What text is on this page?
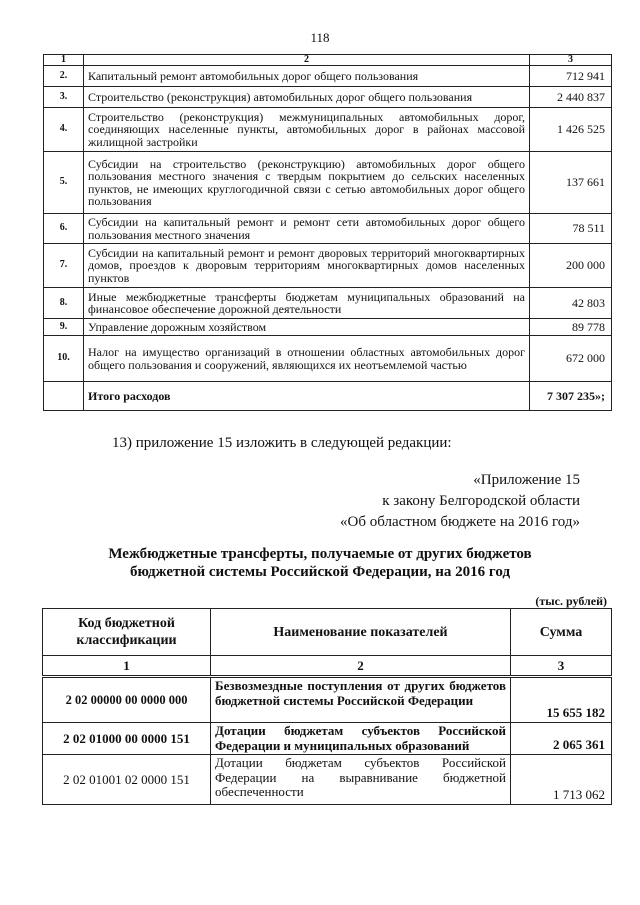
118
1	2	3
2.	Капитальный ремонт автомобильных дорог общего пользования	712 941
3.	Строительство (реконструкция) автомобильных дорог общего пользования	2 440 837
4.	Строительство (реконструкция) межмуниципальных автомобильных дорог, соединяющих населенные пункты, автомобильных дорог в районах массовой жилищной застройки	1 426 525
5.	Субсидии на строительство (реконструкцию) автомобильных дорог общего пользования местного значения с твердым покрытием до сельских населенных пунктов, не имеющих круглогодичной связи с сетью автомобильных дорог общего пользования	137 661
6.	Субсидии на капитальный ремонт и ремонт сети автомобильных дорог общего пользования местного значения	78 511
7.	Субсидии на капитальный ремонт и ремонт дворовых территорий многоквартирных домов, проездов к дворовым территориям многоквартирных домов населенных пунктов	200 000
8.	Иные межбюджетные трансферты бюджетам муниципальных образований на финансовое обеспечение дорожной деятельности	42 803
9.	Управление дорожным хозяйством	89 778
10.	Налог на имущество организаций в отношении областных автомобильных дорог общего пользования и сооружений, являющихся их неотъемлемой частью	672 000
	Итого расходов	7 307 235»;
13) приложение 15 изложить в следующей редакции:
«Приложение 15
к закону Белгородской области
«Об областном бюджете на 2016 год»
Межбюджетные трансферты, получаемые от других бюджетов
бюджетной системы Российской Федерации, на 2016 год
(тыс. рублей)
Код бюджетной классификации	Наименование показателей	Сумма
1	2	3
2 02 00000 00 0000 000	Безвозмездные поступления от других бюджетов бюджетной системы Российской Федерации	15 655 182
2 02 01000 00 0000 151	Дотации бюджетам субъектов Российской Федерации и муниципальных образований	2 065 361
2 02 01001 02 0000 151	Дотации бюджетам субъектов Российской Федерации на выравнивание бюджетной обеспеченности	1 713 062
